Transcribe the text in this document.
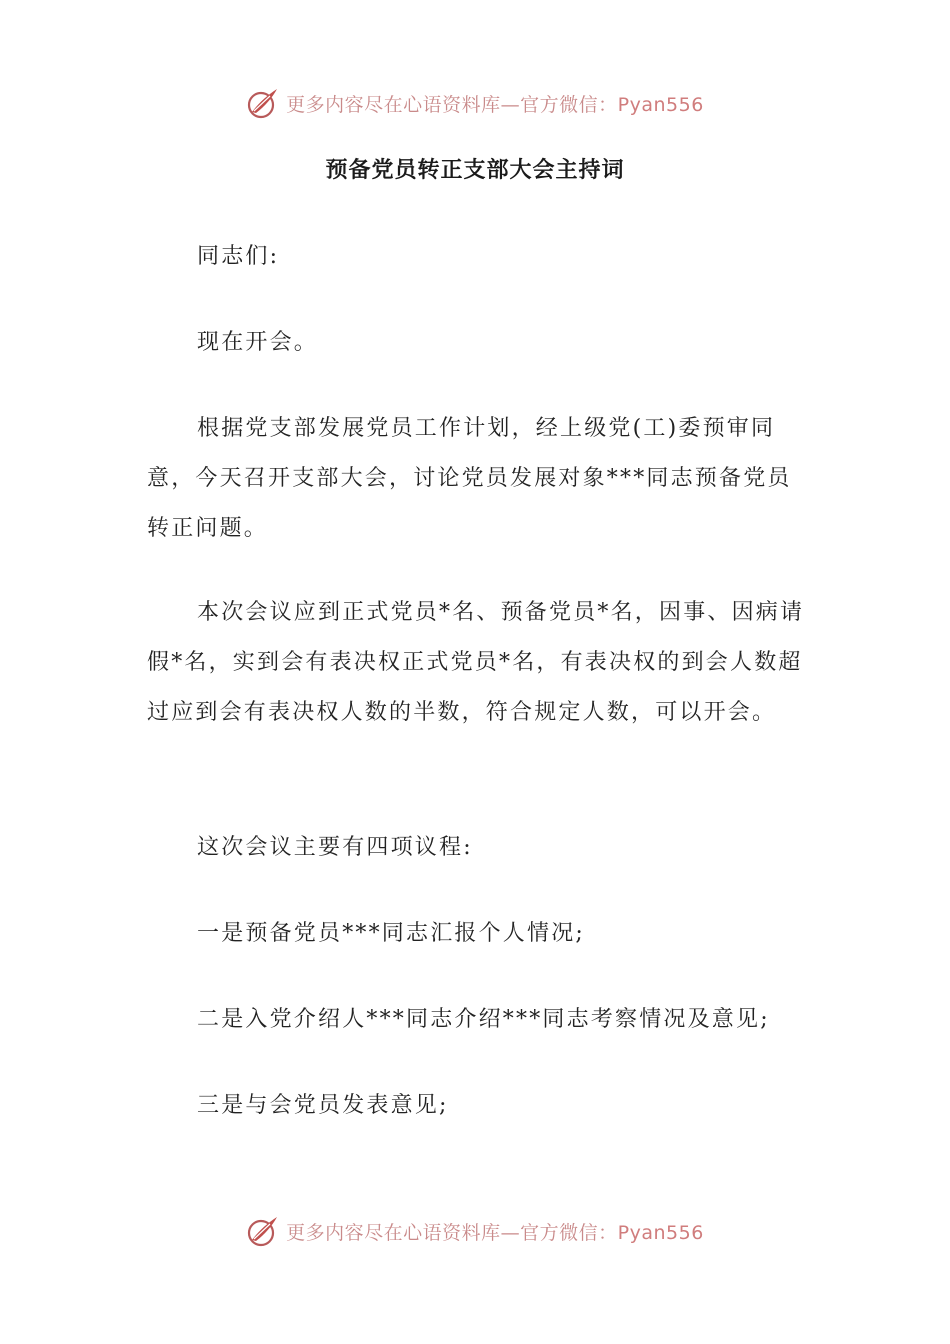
更多内容尽在心语资料库—官方微信：Pyan556
预备党员转正支部大会主持词

同志们:

现在开会。

根据党支部发展党员工作计划，经上级党(工)委预审同意，今天召开支部大会，讨论党员发展对象***同志预备党员转正问题。

本次会议应到正式党员*名、预备党员*名，因事、因病请假*名，实到会有表决权正式党员*名，有表决权的到会人数超过应到会有表决权人数的半数，符合规定人数，可以开会。

这次会议主要有四项议程:

一是预备党员***同志汇报个人情况;

二是入党介绍人***同志介绍***同志考察情况及意见;

三是与会党员发表意见;

更多内容尽在心语资料库—官方微信：Pyan556
